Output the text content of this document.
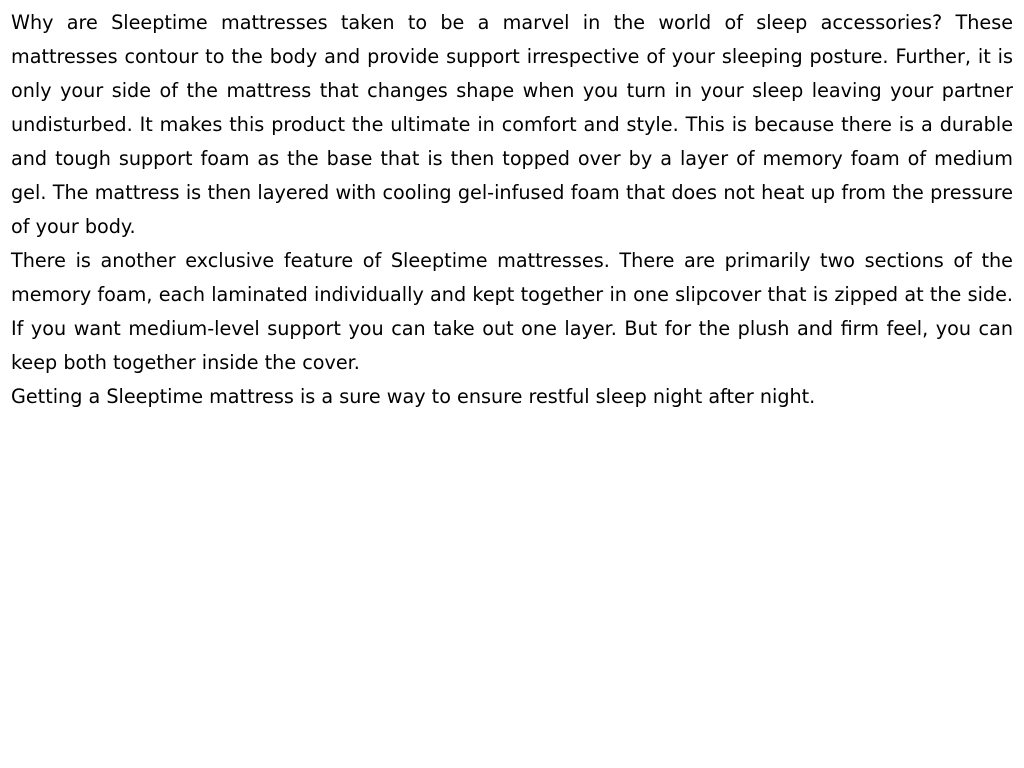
Why are Sleeptime mattresses taken to be a marvel in the world of sleep accessories? These mattresses contour to the body and provide support irrespective of your sleeping posture. Further, it is only your side of the mattress that changes shape when you turn in your sleep leaving your partner undisturbed. It makes this product the ultimate in comfort and style. This is because there is a durable and tough support foam as the base that is then topped over by a layer of memory foam of medium gel. The mattress is then layered with cooling gel-infused foam that does not heat up from the pressure of your body.

There is another exclusive feature of Sleeptime mattresses. There are primarily two sections of the memory foam, each laminated individually and kept together in one slipcover that is zipped at the side. If you want medium-level support you can take out one layer. But for the plush and firm feel, you can keep both together inside the cover.

Getting a Sleeptime mattress is a sure way to ensure restful sleep night after night.
